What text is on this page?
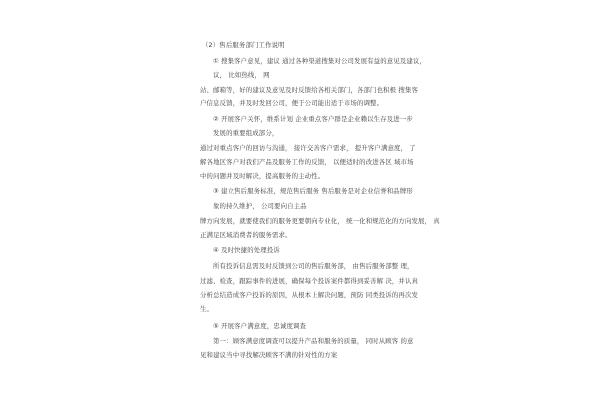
（2）售后服务部门工作说明
① 搜集客户意见，建议 通过各种渠道搜集对公司发展有益的意见及建议，
议， 比如热线， 网
站、邮箱等，好的建议及意见及时反馈给各相关部门，各部门也积极 搜集客
户信息反馈，并及时发回公司，便于公司能出适于市场的调整。
② 开展客户关怀，维系计划 企业重点客户群是企业赖以生存及进一步
发展的重要组成部分，
通过对重点客户的回访与沟通， 接许交善客户需求， 提升客户满意度， 了
解各地区客户对我们产品及服务工作的反馈， 以便适时的改进各区 域市场
中的问题并及时解决，提高服务的主动性。
③ 建立售后服务标准，规范售后服务 售后服务是对企业信誉和品牌形
象的持久维护， 公司要向自主品
牌方向发展，就要使我们的服务更要朝向专业化， 统一化和规范化的方向发展， 真
正满足区域消费者的服务需求。
④ 及时快捷的处理投诉
所有投诉信息需及时反馈到公司的售后服务部， 由售后服务部整 理，
过滤、检查，跟踪事件的进展，确保每个投诉案件都得到妥善解 决，并认真
分析总结造成客户投诉的原因，从根本上解决问题，预防 同类投诉的再次发
生。
⑤ 开展客户满意度，忠诚度调查
第一：顾客满意度调查可以提升产品和服务的质量， 同时从顾客 的意
见和建议当中寻找解决顾客不满的针对性的方案
